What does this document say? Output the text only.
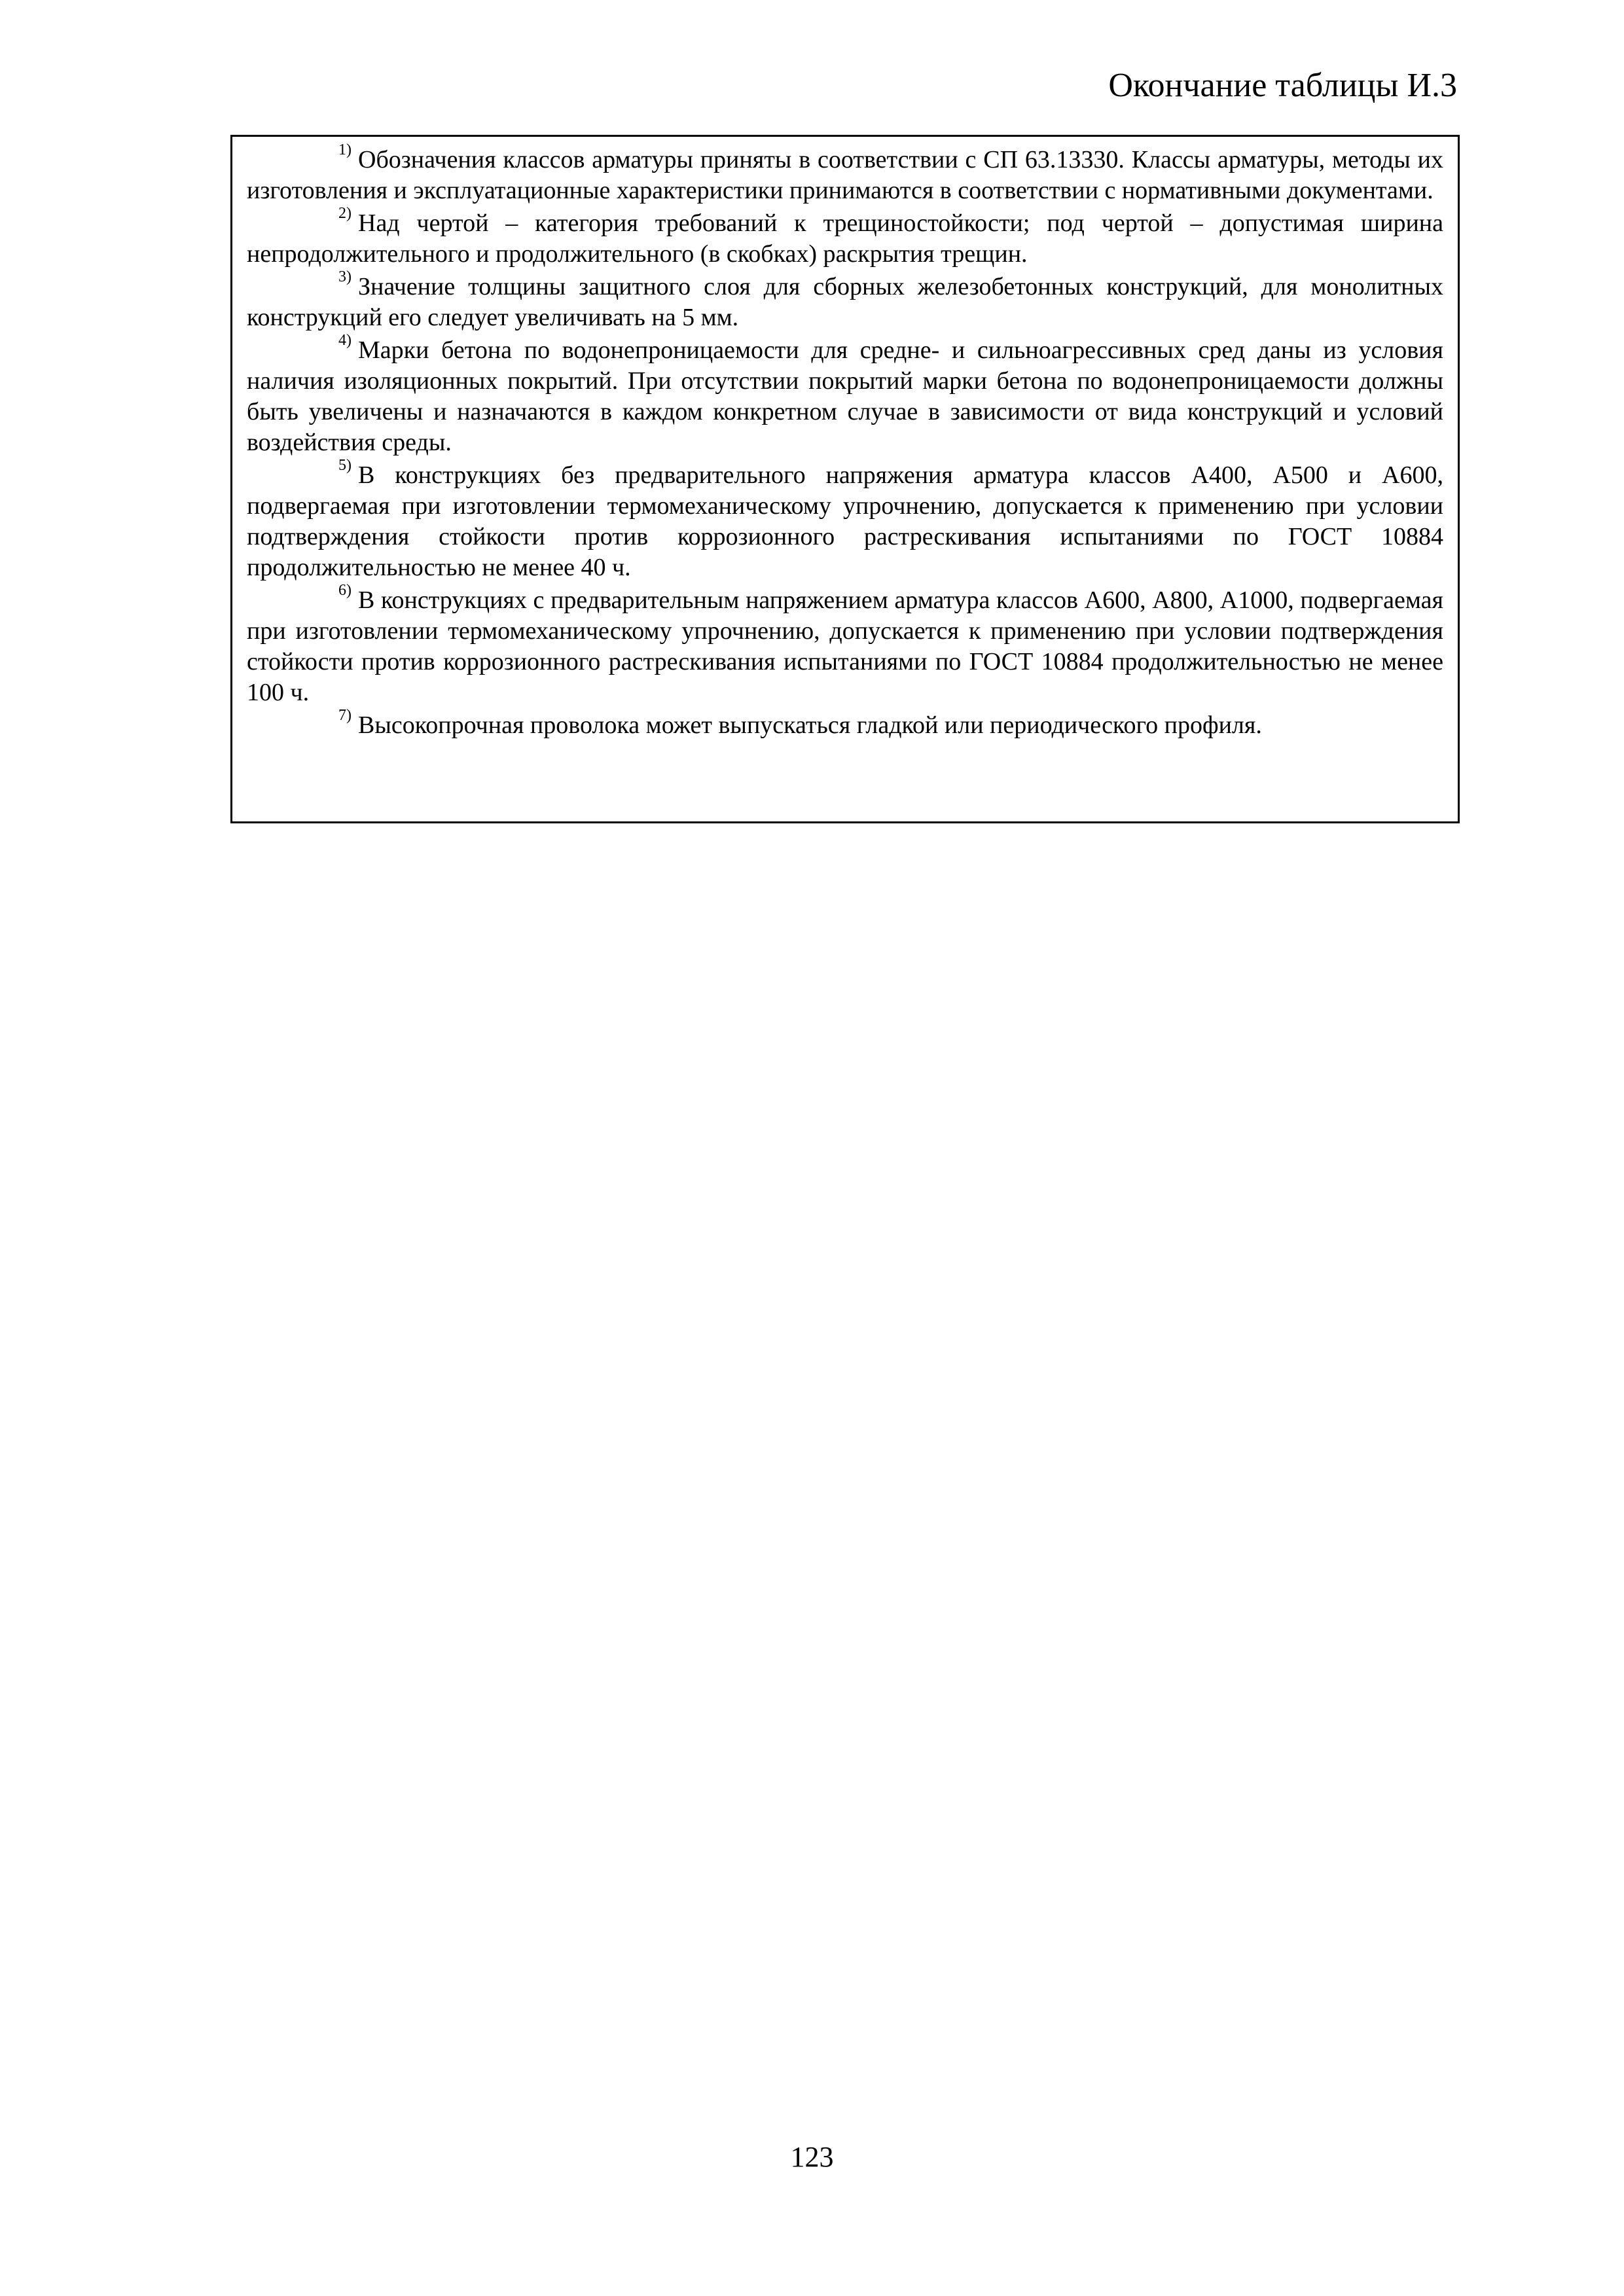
Окончание таблицы И.3

$^{1)}$ Обозначения классов арматуры приняты в соответствии с СП 63.13330. Классы арматуры, методы их изготовления и эксплуатационные характеристики принимаются в соответствии с нормативными документами.

$^{2)}$ Над чертой – категория требований к трещиностойкости; под чертой – допустимая ширина непродолжительного и продолжительного (в скобках) раскрытия трещин.

$^{3)}$ Значение толщины защитного слоя для сборных железобетонных конструкций, для монолитных конструкций его следует увеличивать на 5 мм.

$^{4)}$ Марки бетона по водонепроницаемости для средне- и сильноагрессивных сред даны из условия наличия изоляционных покрытий. При отсутствии покрытий марки бетона по водонепроницаемости должны быть увеличены и назначаются в каждом конкретном случае в зависимости от вида конструкций и условий воздействия среды.

$^{5)}$ В конструкциях без предварительного напряжения арматура классов А400, А500 и А600, подвергаемая при изготовлении термомеханическому упрочнению, допускается к применению при условии подтверждения стойкости против коррозионного растрескивания испытаниями по ГОСТ 10884 продолжительностью не менее 40 ч.

$^{6)}$ В конструкциях с предварительным напряжением арматура классов А600, А800, А1000, подвергаемая при изготовлении термомеханическому упрочнению, допускается к применению при условии подтверждения стойкости против коррозионного растрескивания испытаниями по ГОСТ 10884 продолжительностью не менее 100 ч.

$^{7)}$ Высокопрочная проволока может выпускаться гладкой или периодического профиля.

123
